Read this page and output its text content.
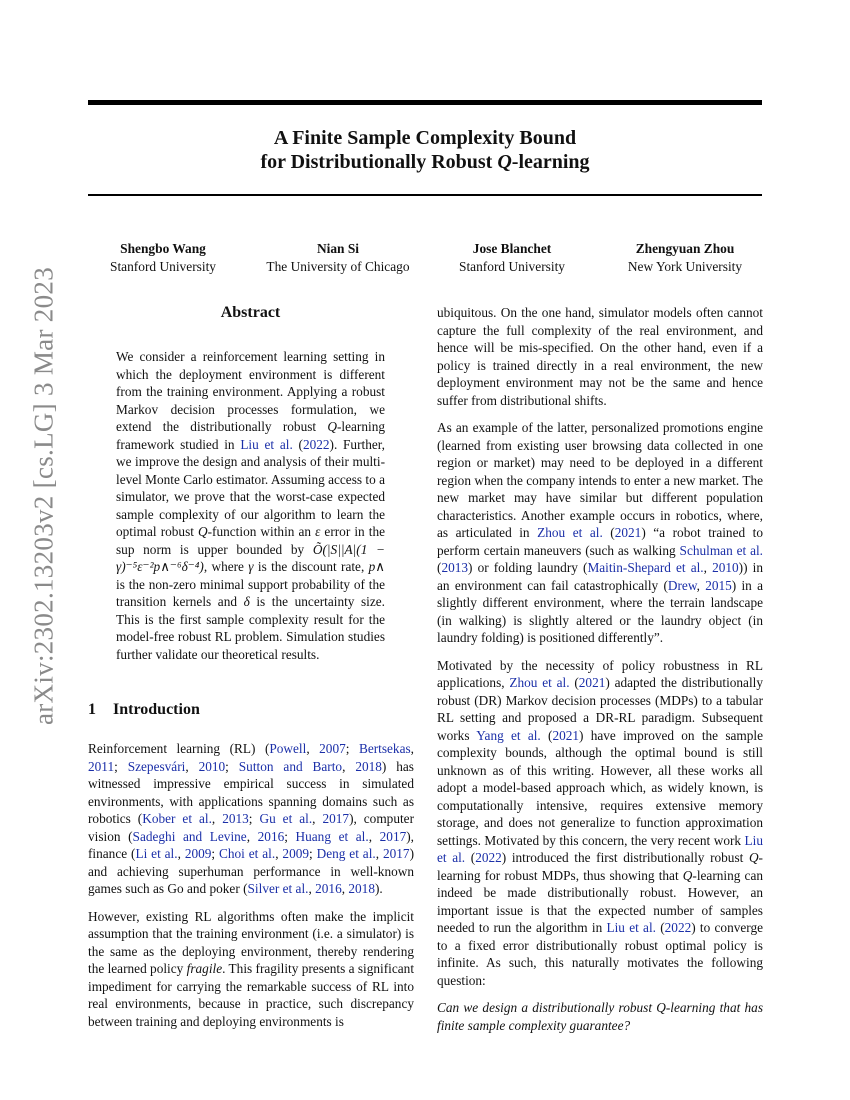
A Finite Sample Complexity Bound
for Distributionally Robust Q-learning
Shengbo Wang
Stanford University
Nian Si
The University of Chicago
Jose Blanchet
Stanford University
Zhengyuan Zhou
New York University
arXiv:2302.13203v2 [cs.LG] 3 Mar 2023	Abstract
We consider a reinforcement learning setting in which the deployment environment is different from the training environment. Applying a robust Markov decision processes formulation, we extend the distributionally robust Q-learning framework studied in Liu et al. (2022). Further, we improve the design and analysis of their multi-level Monte Carlo estimator. Assuming access to a simulator, we prove that the worst-case expected sample complexity of our algorithm to learn the optimal robust Q-function within an ε error in the sup norm is upper bounded by Õ(|S||A|(1 − γ)⁻⁵ε⁻²p∧⁻⁶δ⁻⁴), where γ is the discount rate, p∧ is the non-zero minimal support probability of the transition kernels and δ is the uncertainty size. This is the first sample complexity result for the model-free robust RL problem. Simulation studies further validate our theoretical results.
1 Introduction

Reinforcement learning (RL) (Powell, 2007; Bertsekas, 2011; Szepesvári, 2010; Sutton and Barto, 2018) has witnessed impressive empirical success in simulated environments, with applications spanning domains such as robotics (Kober et al., 2013; Gu et al., 2017), computer vision (Sadeghi and Levine, 2016; Huang et al., 2017), finance (Li et al., 2009; Choi et al., 2009; Deng et al., 2017) and achieving superhuman performance in well-known games such as Go and poker (Silver et al., 2016, 2018).

However, existing RL algorithms often make the implicit assumption that the training environment (i.e. a simulator) is the same as the deploying environment, thereby rendering the learned policy fragile. This fragility presents a significant impediment for carrying the remarkable success of RL into real environments, because in practice, such discrepancy between training and deploying environments is

ubiquitous. On the one hand, simulator models often cannot capture the full complexity of the real environment, and hence will be mis-specified. On the other hand, even if a policy is trained directly in a real environment, the new deployment environment may not be the same and hence suffer from distributional shifts.

As an example of the latter, personalized promotions engine (learned from existing user browsing data collected in one region or market) may need to be deployed in a different region when the company intends to enter a new market. The new market may have similar but different population characteristics. Another example occurs in robotics, where, as articulated in Zhou et al. (2021) “a robot trained to perform certain maneuvers (such as walking Schulman et al. (2013) or folding laundry (Maitin-Shepard et al., 2010)) in an environment can fail catastrophically (Drew, 2015) in a slightly different environment, where the terrain landscape (in walking) is slightly altered or the laundry object (in laundry folding) is positioned differently”.

Motivated by the necessity of policy robustness in RL applications, Zhou et al. (2021) adapted the distributionally robust (DR) Markov decision processes (MDPs) to a tabular RL setting and proposed a DR-RL paradigm. Subsequent works Yang et al. (2021) have improved on the sample complexity bounds, although the optimal bound is still unknown as of this writing. However, all these works all adopt a model-based approach which, as widely known, is computationally intensive, requires extensive memory storage, and does not generalize to function approximation settings. Motivated by this concern, the very recent work Liu et al. (2022) introduced the first distributionally robust Q-learning for robust MDPs, thus showing that Q-learning can indeed be made distributionally robust. However, an important issue is that the expected number of samples needed to run the algorithm in Liu et al. (2022) to converge to a fixed error distributionally robust optimal policy is infinite. As such, this naturally motivates the following question:

Can we design a distributionally robust Q-learning that has finite sample complexity guarantee?
